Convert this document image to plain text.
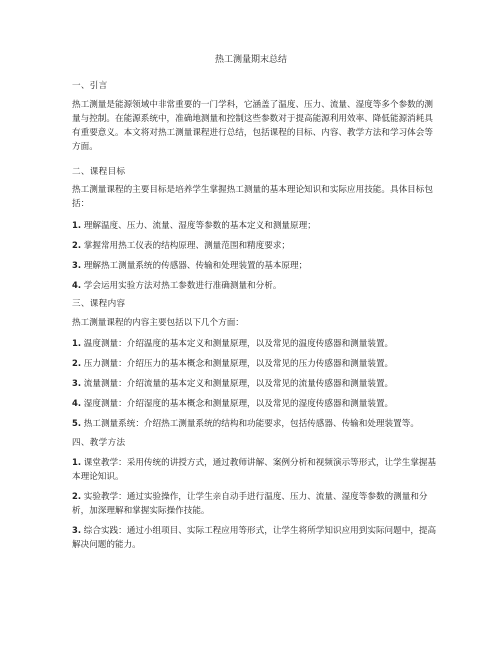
热工测量期末总结

一、引言

热工测量是能源领域中非常重要的一门学科，它涵盖了温度、压力、流量、湿度等多个参数的测量与控制。在能源系统中，准确地测量和控制这些参数对于提高能源利用效率、降低能源消耗具有重要意义。本文将对热工测量课程进行总结，包括课程的目标、内容、教学方法和学习体会等方面。

二、课程目标

热工测量课程的主要目标是培养学生掌握热工测量的基本理论知识和实际应用技能。具体目标包括：

1. 理解温度、压力、流量、湿度等参数的基本定义和测量原理；
2. 掌握常用热工仪表的结构原理、测量范围和精度要求；
3. 理解热工测量系统的传感器、传输和处理装置的基本原理；
4. 学会运用实验方法对热工参数进行准确测量和分析。

三、课程内容

热工测量课程的内容主要包括以下几个方面：

1. 温度测量：介绍温度的基本定义和测量原理，以及常见的温度传感器和测量装置。
2. 压力测量：介绍压力的基本概念和测量原理，以及常见的压力传感器和测量装置。
3. 流量测量：介绍流量的基本定义和测量原理，以及常见的流量传感器和测量装置。
4. 湿度测量：介绍湿度的基本概念和测量原理，以及常见的湿度传感器和测量装置。
5. 热工测量系统：介绍热工测量系统的结构和功能要求，包括传感器、传输和处理装置等。

四、教学方法

1. 课堂教学：采用传统的讲授方式，通过教师讲解、案例分析和视频演示等形式，让学生掌握基本理论知识。
2. 实验教学：通过实验操作，让学生亲自动手进行温度、压力、流量、湿度等参数的测量和分析，加深理解和掌握实际操作技能。
3. 综合实践：通过小组项目、实际工程应用等形式，让学生将所学知识应用到实际问题中，提高解决问题的能力。
